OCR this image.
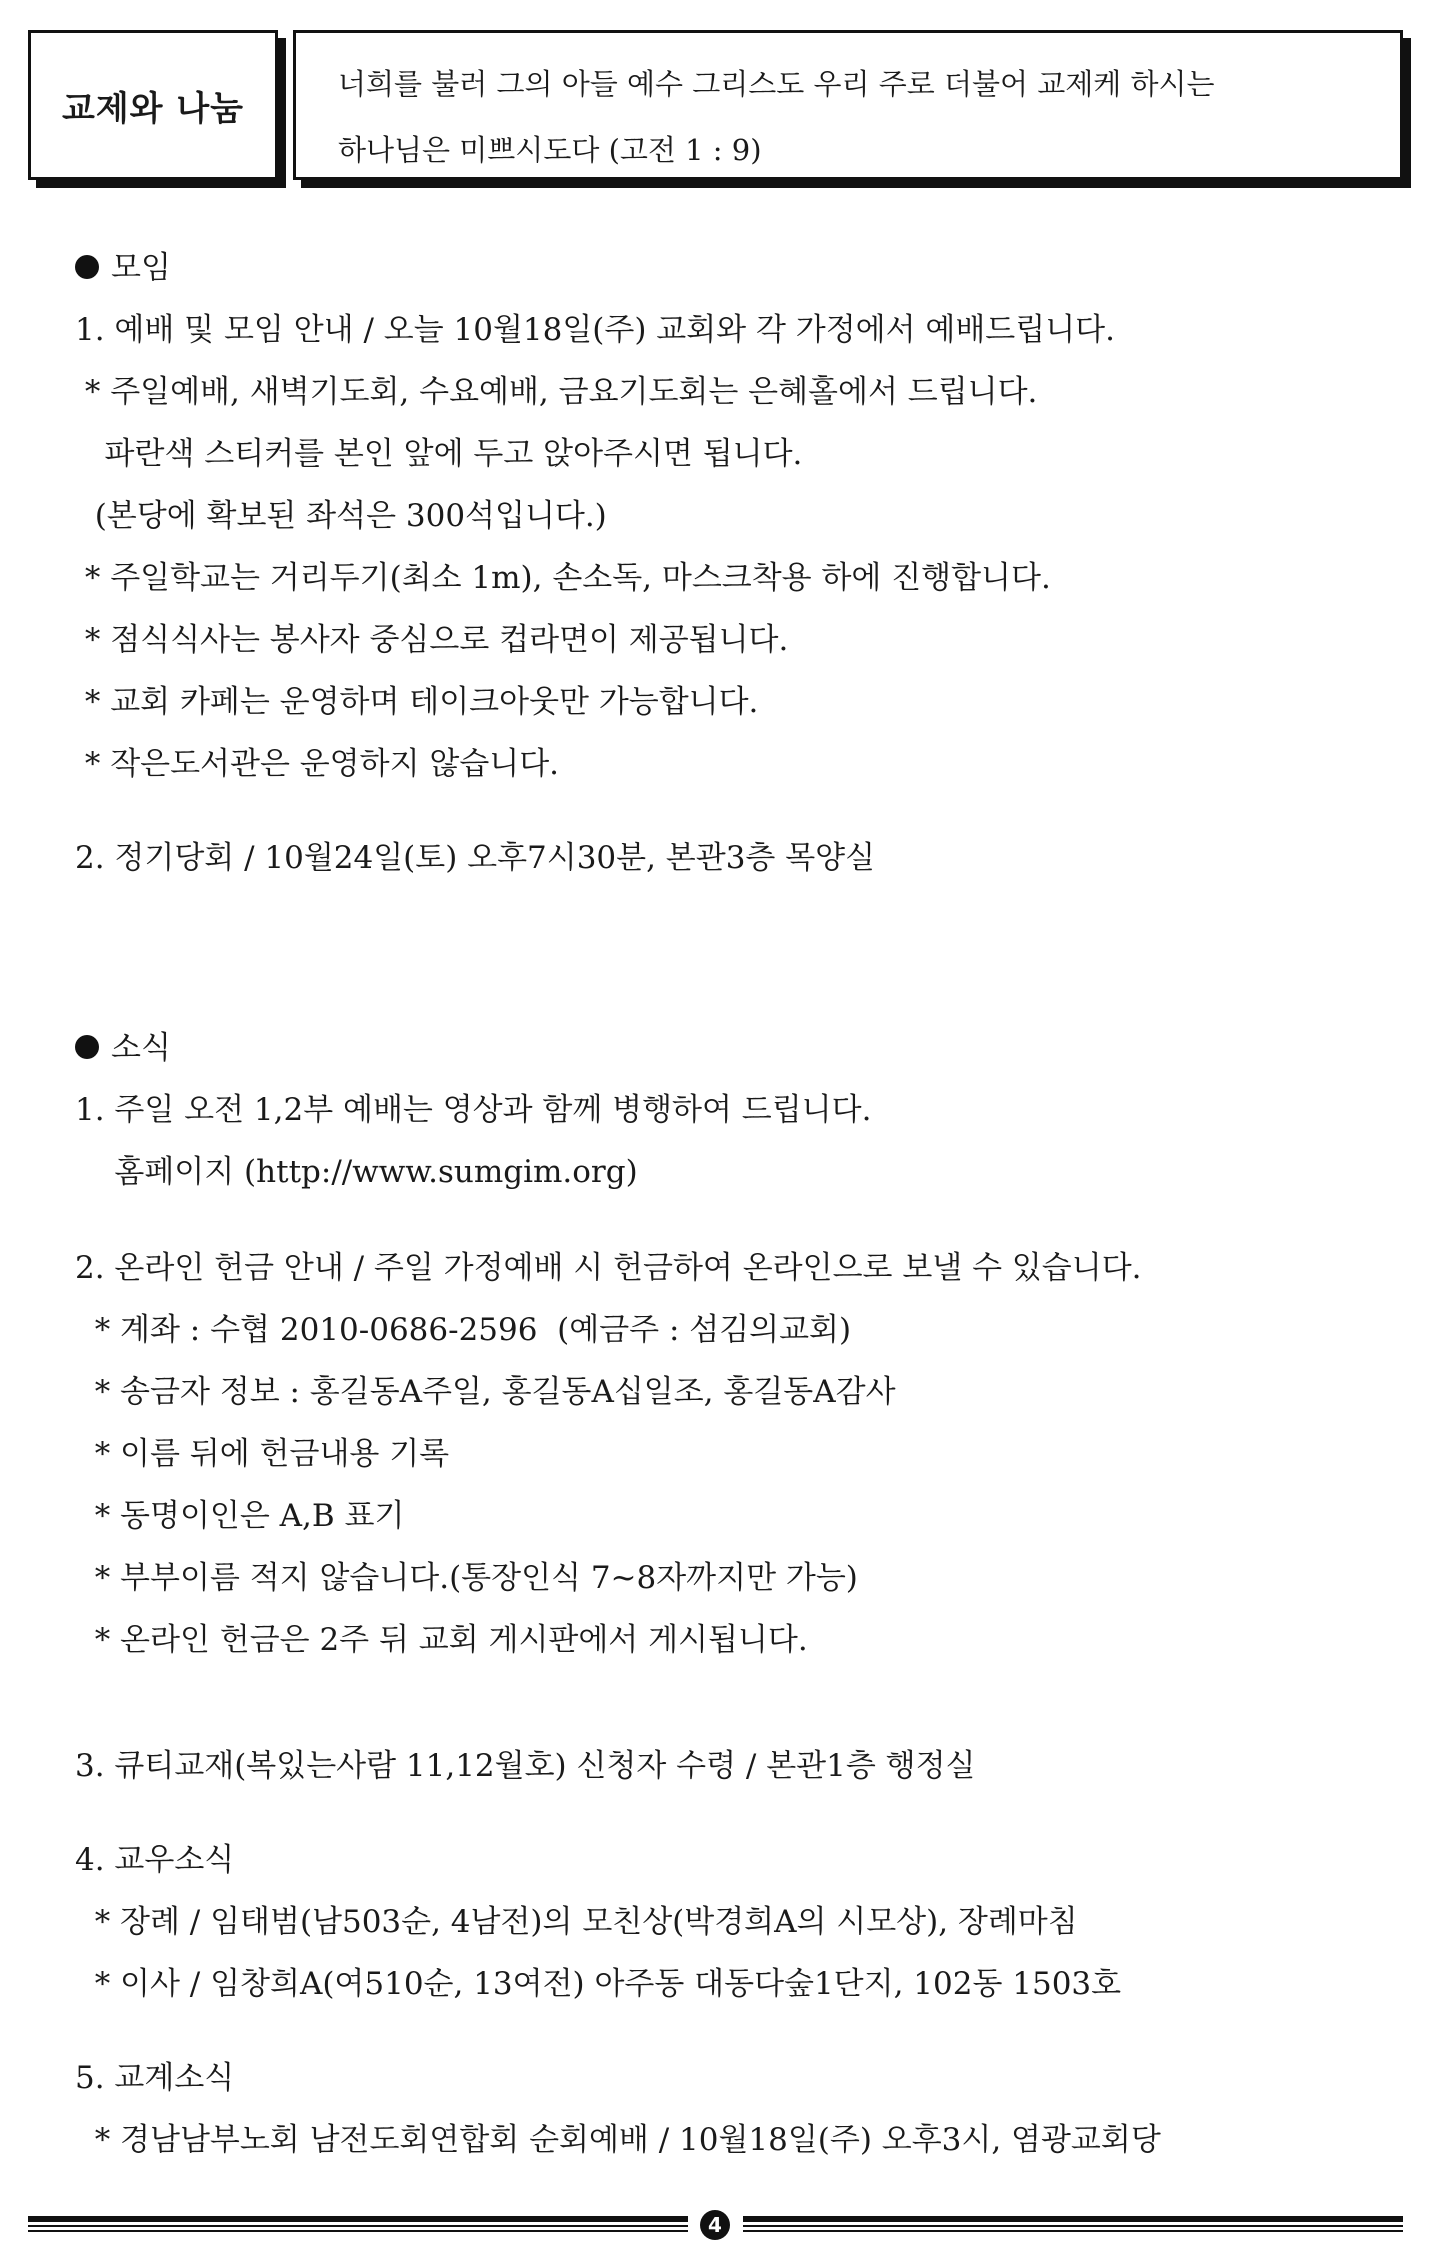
교제와 나눔
너희를 불러 그의 아들 예수 그리스도 우리 주로 더불어 교제케 하시는
하나님은 미쁘시도다 (고전 1 : 9)
모임
1. 예배 및 모임 안내 / 오늘 10월18일(주) 교회와 각 가정에서 예배드립니다.
* 주일예배, 새벽기도회, 수요예배, 금요기도회는 은혜홀에서 드립니다.
파란색 스티커를 본인 앞에 두고 앉아주시면 됩니다.
(본당에 확보된 좌석은 300석입니다.)
* 주일학교는 거리두기(최소 1m), 손소독, 마스크착용 하에 진행합니다.
* 점식식사는 봉사자 중심으로 컵라면이 제공됩니다.
* 교회 카페는 운영하며 테이크아웃만 가능합니다.
* 작은도서관은 운영하지 않습니다.
2. 정기당회 / 10월24일(토) 오후7시30분, 본관3층 목양실
소식
1. 주일 오전 1,2부 예배는 영상과 함께 병행하여 드립니다.
홈페이지 (http://www.sumgim.org)
2. 온라인 헌금 안내 / 주일 가정예배 시 헌금하여 온라인으로 보낼 수 있습니다.
* 계좌 : 수협 2010-0686-2596  (예금주 : 섬김의교회)
* 송금자 정보 : 홍길동A주일, 홍길동A십일조, 홍길동A감사
* 이름 뒤에 헌금내용 기록
* 동명이인은 A,B 표기
* 부부이름 적지 않습니다.(통장인식 7~8자까지만 가능)
* 온라인 헌금은 2주 뒤 교회 게시판에서 게시됩니다.
3. 큐티교재(복있는사람 11,12월호) 신청자 수령 / 본관1층 행정실
4. 교우소식
* 장례 / 임태범(남503순, 4남전)의 모친상(박경희A의 시모상), 장례마침
* 이사 / 임창희A(여510순, 13여전) 아주동 대동다숲1단지, 102동 1503호
5. 교계소식
* 경남남부노회 남전도회연합회 순회예배 / 10월18일(주) 오후3시, 염광교회당
4
